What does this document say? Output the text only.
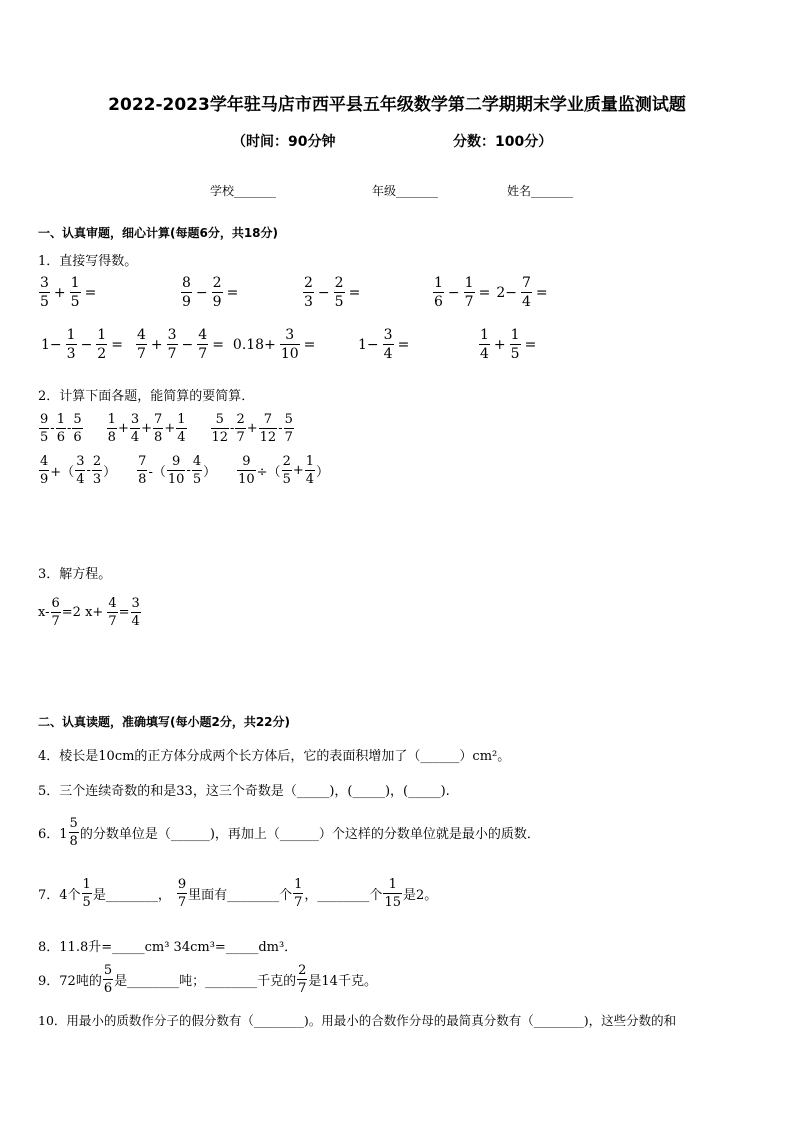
2022-2023学年驻马店市西平县五年级数学第二学期期末学业质量监测试题
（时间：90分钟	分数：100分）
学校_______	年级_______	姓名_______
一、认真审题，细心计算(每题6分，共18分)
1．直接写得数。
3
5
+ $\frac{1}{5}$ =
8
9
− $\frac{2}{9}$ =
2
3
− $\frac{2}{5}$ =
1
6
− $\frac{1}{7} = 2- \frac{7}{4}$ =
$1- \frac{1}{3} - \frac{1}{2} = \frac{4}{7} + \frac{3}{7} - \frac{4}{7} = 0.18+ \frac{3}{10}$ =	$1- \frac{3}{4}$ =
1
4
+ $\frac{1}{5}$ =
2．计算下面各题，能简算的要简算．
9
5
-
1
6
-
5
6
1
8
+
3
4
+
7
8
+
1
4
5
12
-
2
7
+
7
12
-
5
7
4
9 +（
3
4
-
2
3 ）
7
8 -（
9
10
-
4
5 ）
9
10 ÷（
2
5
+
1
4 ）
3．解方程。
x-
6
7
=2 x+
4
7
=
3
4
二、认真读题，准确填写(每小题2分，共22分)
4．棱长是10cm的正方体分成两个长方体后，它的表面积增加了（______）cm²。
5．三个连续奇数的和是33，这三个奇数是（_____)，(_____)，(_____).
6．1
5
8 的分数单位是（______)，再加上（______）个这样的分数单位就是最小的质数．
7．4个
1
5 是________，
9
7 里面有________个
1
7 ，________个
1
15 是2。
8．11.8升=_____cm³ 34cm³=_____dm³．
9．72吨的
5
6 是________吨；________千克的
2
7 是14千克。
10．用最小的质数作分子的假分数有（________)。用最小的合数作分母的最简真分数有（________)，这些分数的和
